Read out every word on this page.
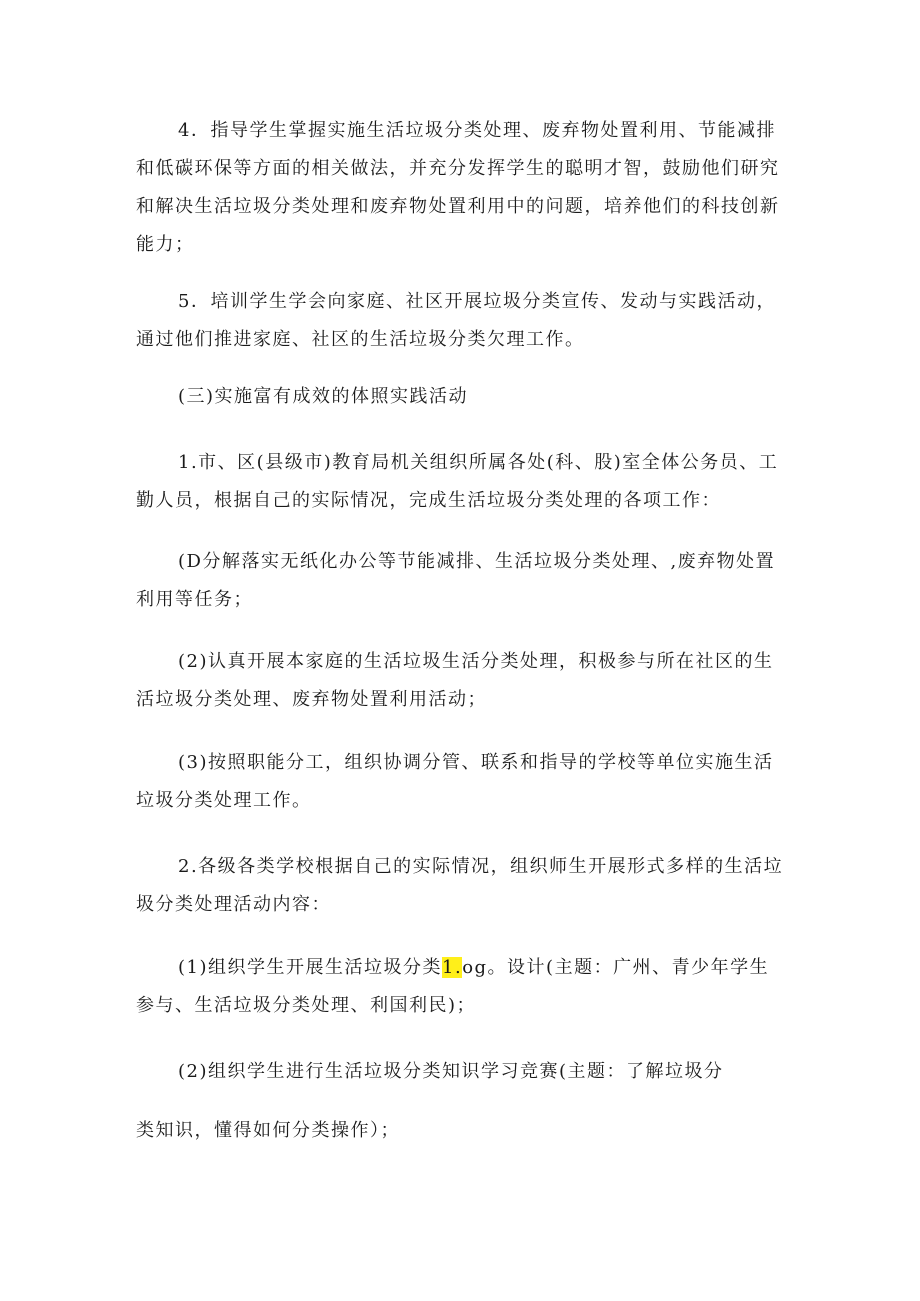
4．指导学生掌握实施生活垃圾分类处理、废弃物处置利用、节能减排和低碳环保等方面的相关做法，并充分发挥学生的聪明才智，鼓励他们研究和解决生活垃圾分类处理和废弃物处置利用中的问题，培养他们的科技创新能力；

5．培训学生学会向家庭、社区开展垃圾分类宣传、发动与实践活动，通过他们推进家庭、社区的生活垃圾分类欠理工作。

(三)实施富有成效的体照实践活动

1.市、区(县级市)教育局机关组织所属各处(科、股)室全体公务员、工勤人员，根据自己的实际情况，完成生活垃圾分类处理的各项工作：

(D分解落实无纸化办公等节能减排、生活垃圾分类处理、,废弃物处置利用等任务；

(2)认真开展本家庭的生活垃圾生活分类处理，积极参与所在社区的生活垃圾分类处理、废弃物处置利用活动；

(3)按照职能分工，组织协调分管、联系和指导的学校等单位实施生活垃圾分类处理工作。

2.各级各类学校根据自己的实际情况，组织师生开展形式多样的生活垃圾分类处理活动内容：

(1)组织学生开展生活垃圾分类1.og。设计(主题：广州、青少年学生参与、生活垃圾分类处理、利国利民)；

(2)组织学生进行生活垃圾分类知识学习竞赛(主题：了解垃圾分

类知识，懂得如何分类操作）；
